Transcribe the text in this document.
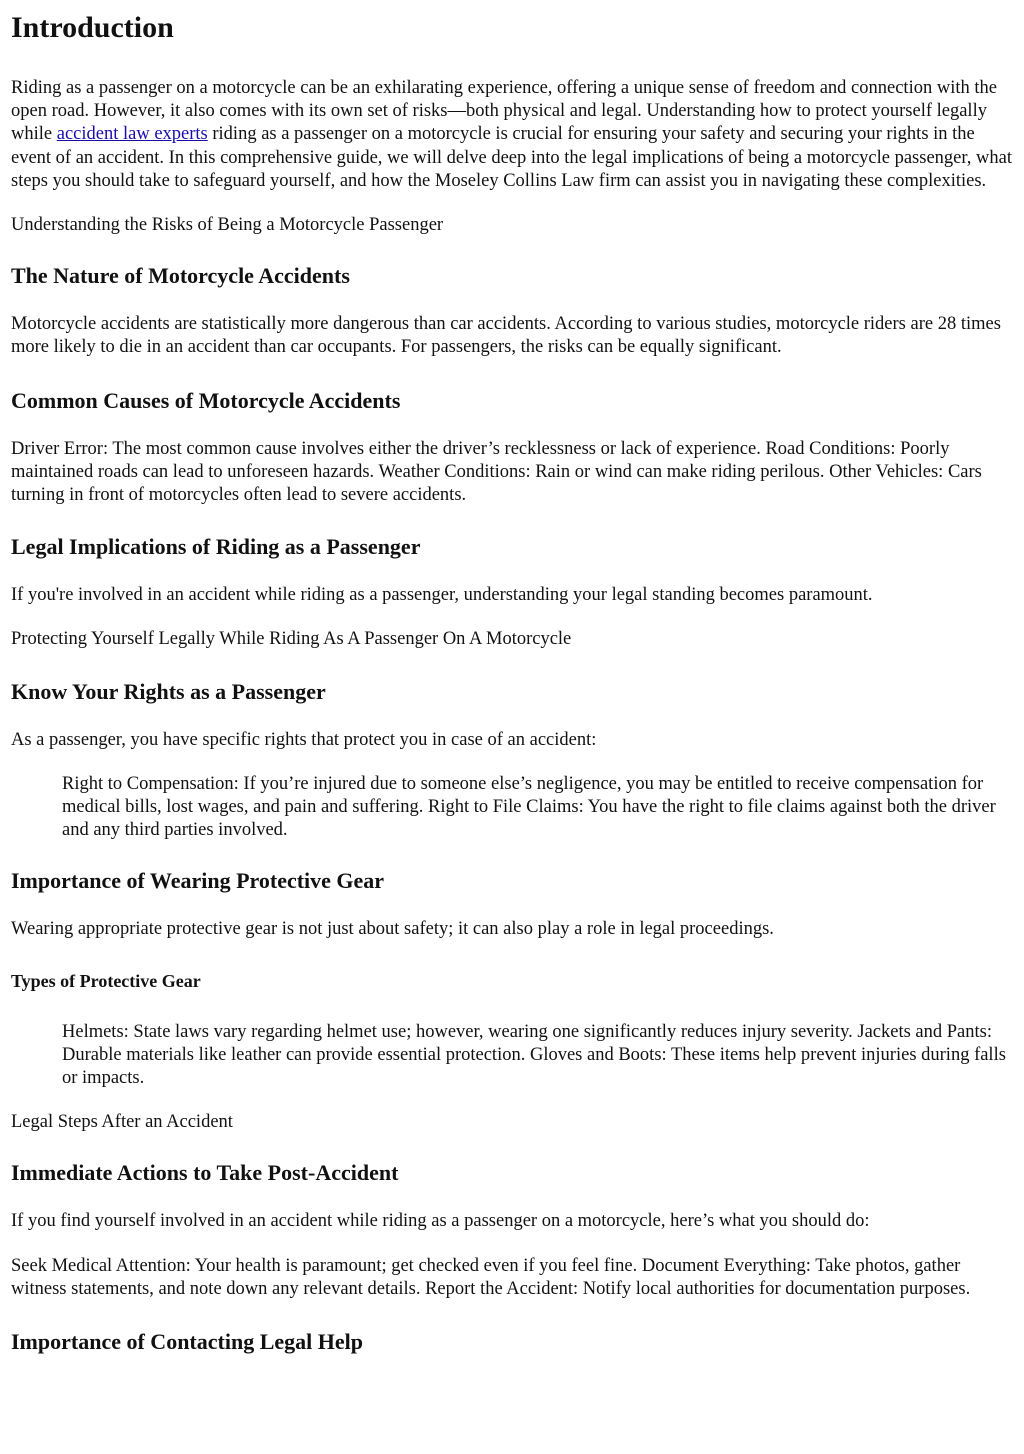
Introduction

Riding as a passenger on a motorcycle can be an exhilarating experience, offering a unique sense of freedom and connection with the open road. However, it also comes with its own set of risks—both physical and legal. Understanding how to protect yourself legally while accident law experts riding as a passenger on a motorcycle is crucial for ensuring your safety and securing your rights in the event of an accident. In this comprehensive guide, we will delve deep into the legal implications of being a motorcycle passenger, what steps you should take to safeguard yourself, and how the Moseley Collins Law firm can assist you in navigating these complexities.

Understanding the Risks of Being a Motorcycle Passenger

The Nature of Motorcycle Accidents

Motorcycle accidents are statistically more dangerous than car accidents. According to various studies, motorcycle riders are 28 times more likely to die in an accident than car occupants. For passengers, the risks can be equally significant.

Common Causes of Motorcycle Accidents

Driver Error: The most common cause involves either the driver’s recklessness or lack of experience. Road Conditions: Poorly maintained roads can lead to unforeseen hazards. Weather Conditions: Rain or wind can make riding perilous. Other Vehicles: Cars turning in front of motorcycles often lead to severe accidents.

Legal Implications of Riding as a Passenger

If you're involved in an accident while riding as a passenger, understanding your legal standing becomes paramount.

Protecting Yourself Legally While Riding As A Passenger On A Motorcycle

Know Your Rights as a Passenger

As a passenger, you have specific rights that protect you in case of an accident:

Right to Compensation: If you’re injured due to someone else’s negligence, you may be entitled to receive compensation for medical bills, lost wages, and pain and suffering. Right to File Claims: You have the right to file claims against both the driver and any third parties involved.

Importance of Wearing Protective Gear

Wearing appropriate protective gear is not just about safety; it can also play a role in legal proceedings.

Types of Protective Gear

Helmets: State laws vary regarding helmet use; however, wearing one significantly reduces injury severity. Jackets and Pants: Durable materials like leather can provide essential protection. Gloves and Boots: These items help prevent injuries during falls or impacts.

Legal Steps After an Accident

Immediate Actions to Take Post-Accident

If you find yourself involved in an accident while riding as a passenger on a motorcycle, here’s what you should do:

Seek Medical Attention: Your health is paramount; get checked even if you feel fine. Document Everything: Take photos, gather witness statements, and note down any relevant details. Report the Accident: Notify local authorities for documentation purposes.

Importance of Contacting Legal Help
